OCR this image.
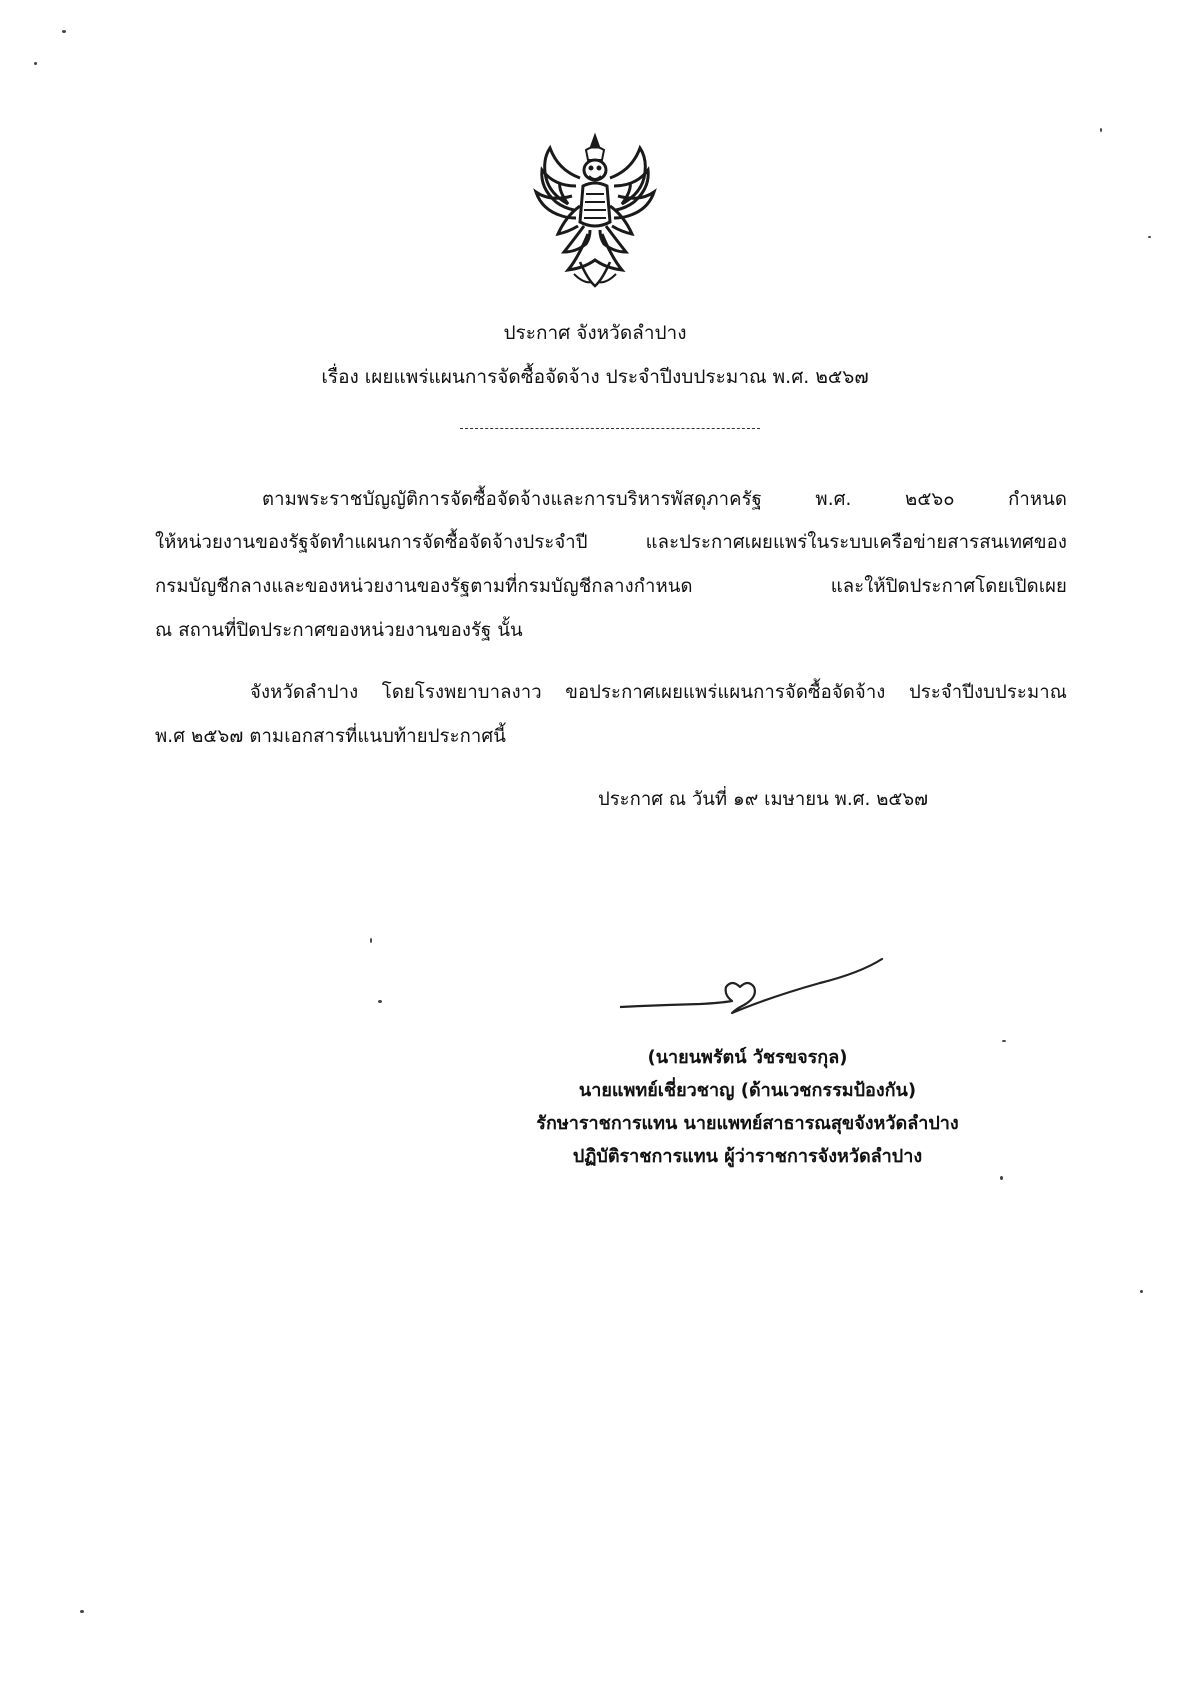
ประกาศ จังหวัดลำปาง
เรื่อง เผยแพร่แผนการจัดซื้อจัดจ้าง ประจำปีงบประมาณ พ.ศ. ๒๕๖๗
ตามพระราชบัญญัติการจัดซื้อจัดจ้างและการบริหารพัสดุภาครัฐ พ.ศ. ๒๕๖๐ กำหนด
ให้หน่วยงานของรัฐจัดทำแผนการจัดซื้อจัดจ้างประจำปี และประกาศเผยแพร่ในระบบเครือข่ายสารสนเทศของ
กรมบัญชีกลางและของหน่วยงานของรัฐตามที่กรมบัญชีกลางกำหนด และให้ปิดประกาศโดยเปิดเผย
ณ สถานที่ปิดประกาศของหน่วยงานของรัฐ นั้น
จังหวัดลำปาง โดยโรงพยาบาลงาว ขอประกาศเผยแพร่แผนการจัดซื้อจัดจ้าง ประจำปีงบประมาณ
พ.ศ ๒๕๖๗ ตามเอกสารที่แนบท้ายประกาศนี้
ประกาศ ณ วันที่ ๑๙ เมษายน พ.ศ. ๒๕๖๗
(นายนพรัตน์ วัชรขจรกุล)
นายแพทย์เชี่ยวชาญ (ด้านเวชกรรมป้องกัน)
รักษาราชการแทน นายแพทย์สาธารณสุขจังหวัดลำปาง
ปฏิบัติราชการแทน ผู้ว่าราชการจังหวัดลำปาง
